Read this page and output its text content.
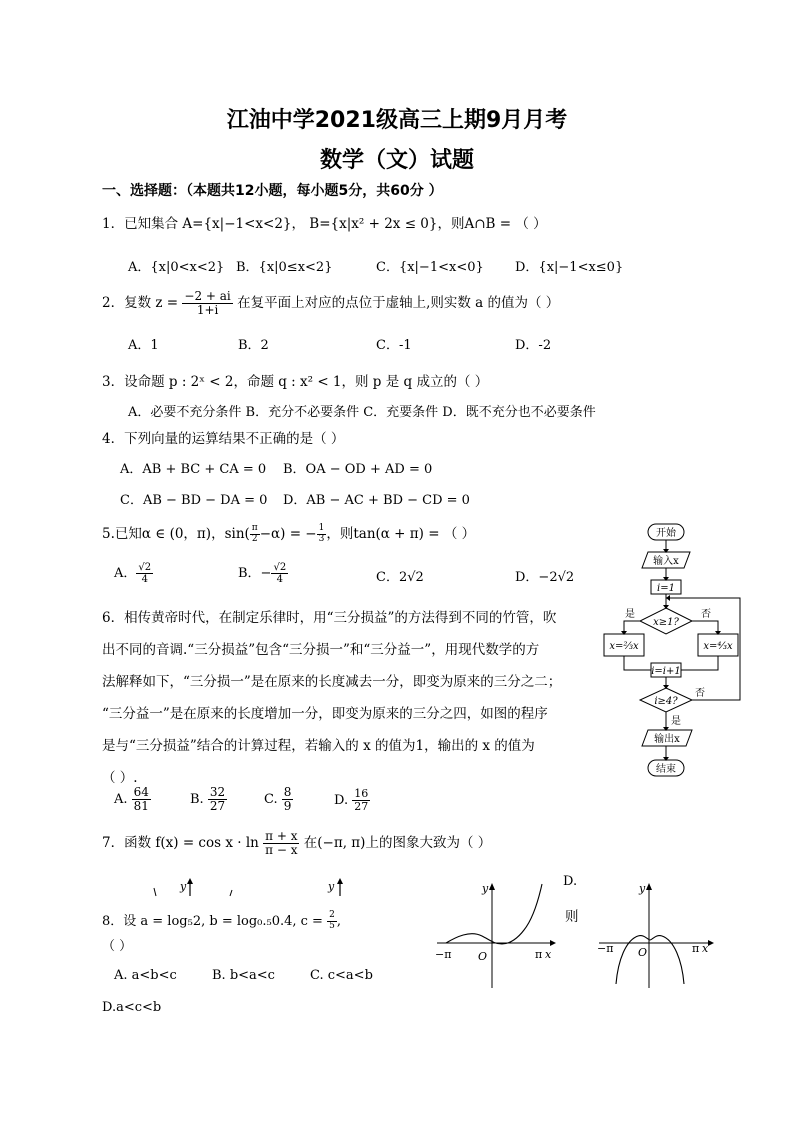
江油中学2021级高三上期9月月考
数学（文）试题
一、选择题：（本题共12小题，每小题5分，共60分 ）
1．已知集合 A={x|−1<x<2}， B={x|x² + 2x ≤ 0}，则A∩B = （ ）
A．{x|0<x<2} B．{x|0≤x<2}	C．{x|−1<x<0} D．{x|−1<x≤0}
2．复数 $z = \frac{-2 + ai}{1+i}$ 在复平面上对应的点位于虚轴上,则实数 a 的值为（ ）
A．1	B．2	C．-1	D．-2
3．设命题 p : 2ˣ < 2，命题 q : x² < 1，则 p 是 q 成立的（ ）
A．必要不充分条件 B．充分不必要条件 C．充要条件 D．既不充分也不必要条件
4．下列向量的运算结果不正确的是（ ）
A．AB + BC + CA = 0 B．OA − OD + AD = 0
C．AB − BD − DA = 0 D．AB − AC + BD − CD = 0
5.已知α ∈ (0，π)，$\sin( \frac{\pi}{2} -\alpha)$ = − $\frac{1}{3}$ ，则tan(α + π) = （ ）
A． $\frac{√2}{4}$	B．− $\frac{√2}{4}$	C．2√2	D．−2√2
6．相传黄帝时代，在制定乐律时，用“三分损益”的方法得到不同的竹管，吹
出不同的音调.“三分损益”包含“三分损一”和“三分益一”，用现代数学的方
法解释如下，“三分损一”是在原来的长度减去一分，即变为原来的三分之二；
“三分益一”是在原来的长度增加一分，即变为原来的三分之四，如图的程序
是与“三分损益”结合的计算过程，若输入的 x 的值为1，输出的 x 的值为
（ ）.
A. $\frac{64}{81}$	B. $\frac{32}{27}$	C. $\frac{8}{9}$	D. $\frac{16}{27}$
7．函数 $f(x) = \cos x \cdot \ln \frac{\pi + x}{\pi - x}$ 在(−π, π)上的图象大致为（ ）
y	y	D.
则
y
−π O	π x
y
−π O	π x
8．设 a = log₅2, b = log₀.₅0.4, $c = \frac{2}{5}$ ,
（ ）
A. a<b<c	B. b<a<c	C. c<a<b
D.a<c<b
开始
输入x
i=1
x≥1?
是	否
x=⅔x	x=⁴⁄₃x
i=i+1
i≥4?
否
是
输出x
结束
